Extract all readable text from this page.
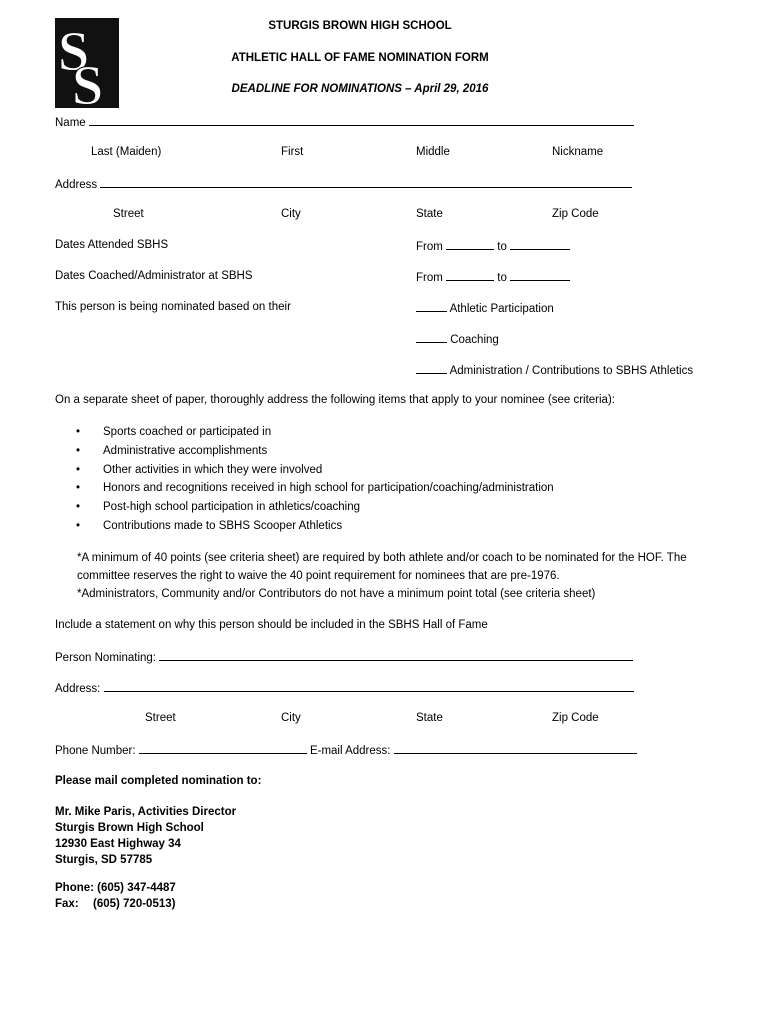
S
S
STURGIS BROWN HIGH SCHOOL
ATHLETIC HALL OF FAME NOMINATION FORM
DEADLINE FOR NOMINATIONS – April 29, 2016
Name
Last (Maiden)	First	Middle	Nickname
Address
Street	City	State	Zip Code
Dates Attended SBHS	From	to
Dates Coached/Administrator at SBHS	From	to
This person is being nominated based on their	Athletic Participation
Coaching
Administration / Contributions to SBHS Athletics
On a separate sheet of paper, thoroughly address the following items that apply to your nominee (see criteria):
• Sports coached or participated in
• Administrative accomplishments
• Other activities in which they were involved
• Honors and recognitions received in high school for participation/coaching/administration
• Post-high school participation in athletics/coaching
• Contributions made to SBHS Scooper Athletics
*A minimum of 40 points (see criteria sheet) are required by both athlete and/or coach to be nominated for the HOF. The
committee reserves the right to waive the 40 point requirement for nominees that are pre-1976.
*Administrators, Community and/or Contributors do not have a minimum point total (see criteria sheet)
Include a statement on why this person should be included in the SBHS Hall of Fame
Person Nominating:
Address:
Street	City	State	Zip Code
Phone Number:	E-mail Address:
Please mail completed nomination to:
Mr. Mike Paris, Activities Director
Sturgis Brown High School
12930 East Highway 34
Sturgis, SD 57785
Phone: (605) 347-4487
Fax: (605) 720-0513)
